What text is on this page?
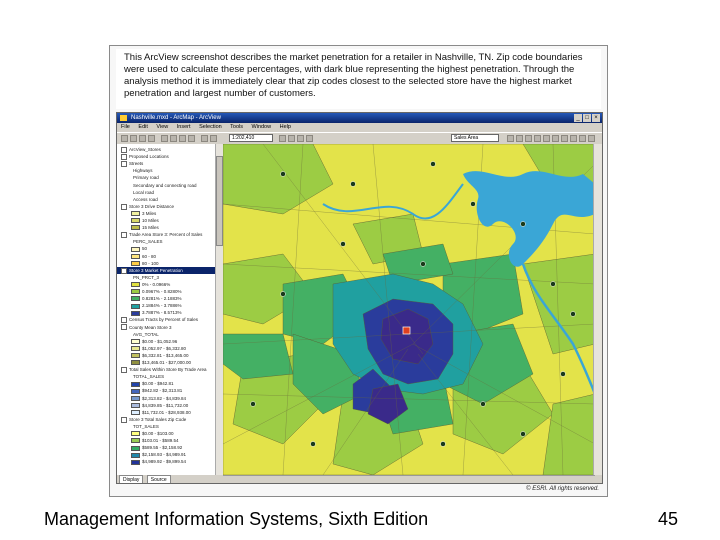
This ArcView screenshot describes the market penetration for a retailer in Nashville, TN. Zip code boundaries were used to calculate these percentages, with dark blue representing the highest penetration. Through the analysis method it is immediately clear that zip codes closest to the selected store have the highest market penetration and largest number of customers.
Nashville.mxd - ArcMap - ArcView	_ □ ×
File Edit View Insert Selection Tools Window Help
1:202,410	Sales Area
ArcView_Stores
Proposed Locations
Streets
Highways
Primary road
Secondary and connecting road
Local road
Access road
Store 3 Drive Distance
3 Miles
10 Miles
15 Miles
Trade Area Store 3: Percent of Sales
PERC_SALES
50
60 - 80
80 - 100
Store 3 Market Penetration
PN_PRCT_3
0% - 0.0966%
0.0967% - 0.8280%
0.8281% - 2.1883%
2.1884% - 3.7886%
3.7887% - 8.5713%
Census Tracts by Percent of Sales
County Mean Store 3
AVG_TOTAL
$0.00 - $1,052.96
$1,052.97 - $6,332.80
$6,332.81 - $13,465.00
$13,465.01 - $27,000.00
Total Sales Within Store By Trade Area
TOTAL_SALES
$0.00 - $942.81
$942.82 - $2,313.81
$2,313.82 - $4,839.84
$4,839.85 - $11,732.00
$11,732.01 - $28,938.00
Store 3 Total Sales Zip Code
TOT_SALES
$0.00 - $103.00
$103.01 - $589.54
$589.55 - $2,158.92
$2,158.93 - $4,989.91
$4,989.92 - $9,899.54
Display Source
© ESRI. All rights reserved.
Management Information Systems, Sixth Edition	45
